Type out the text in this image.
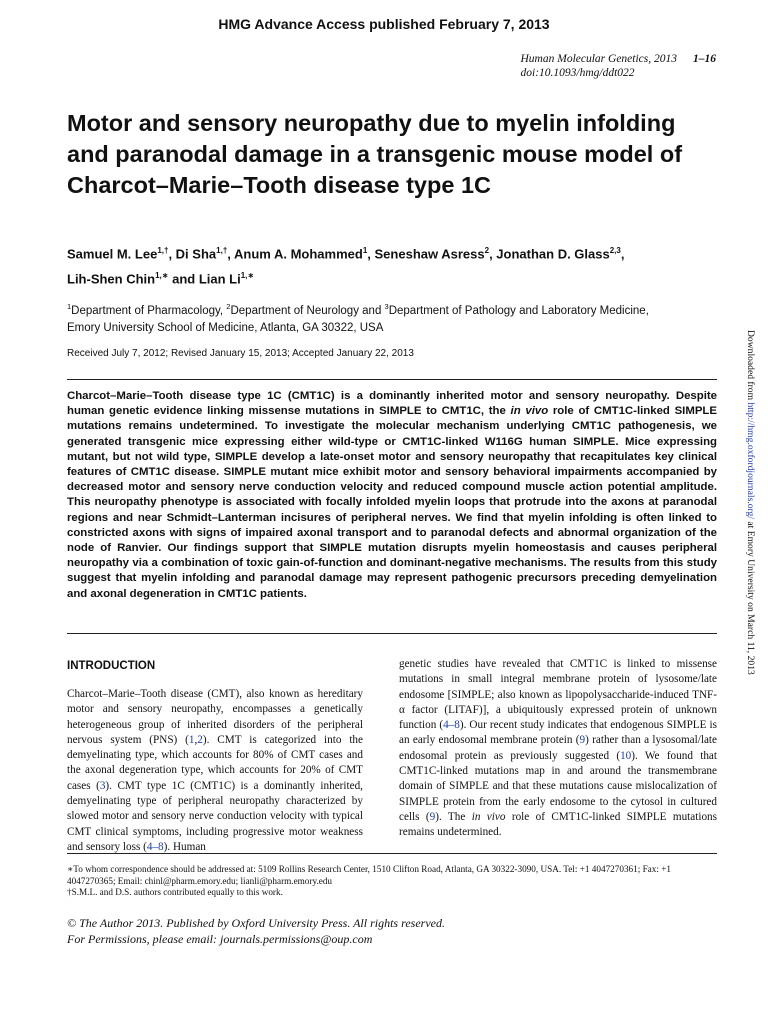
HMG Advance Access published February 7, 2013
Human Molecular Genetics, 2013 1–16
doi:10.1093/hmg/ddt022
Motor and sensory neuropathy due to myelin infolding and paranodal damage in a transgenic mouse model of Charcot–Marie–Tooth disease type 1C
Samuel M. Lee$^{1,\dagger}$, Di Sha$^{1,\dagger}$, Anum A. Mohammed$^1$, Seneshaw Asress$^2$, Jonathan D. Glass$^{2,3}$,
Lih-Shen Chin$^{1,∗}$ and Lian $Li^{1,∗}$
$^1$Department of Pharmacology, $^2$Department of Neurology and $^3$Department of Pathology and Laboratory Medicine,
Emory University School of Medicine, Atlanta, GA 30322, USA
Received July 7, 2012; Revised January 15, 2013; Accepted January 22, 2013
Charcot–Marie–Tooth disease type 1C (CMT1C) is a dominantly inherited motor and sensory neuropathy. Despite human genetic evidence linking missense mutations in SIMPLE to CMT1C, the in vivo role of CMT1C-linked SIMPLE mutations remains undetermined. To investigate the molecular mechanism underlying CMT1C pathogenesis, we generated transgenic mice expressing either wild-type or CMT1C-linked W116G human SIMPLE. Mice expressing mutant, but not wild type, SIMPLE develop a late-onset motor and sensory neuropathy that recapitulates key clinical features of CMT1C disease. SIMPLE mutant mice exhibit motor and sensory behavioral impairments accompanied by decreased motor and sensory nerve conduction velocity and reduced compound muscle action potential amplitude. This neuropathy phenotype is associated with focally infolded myelin loops that protrude into the axons at paranodal regions and near Schmidt–Lanterman incisures of peripheral nerves. We find that myelin infolding is often linked to constricted axons with signs of impaired axonal transport and to paranodal defects and abnormal organization of the node of Ranvier. Our findings support that SIMPLE mutation disrupts myelin homeostasis and causes peripheral neuropathy via a combination of toxic gain-of-function and dominant-negative mechanisms. The results from this study suggest that myelin infolding and paranodal damage may represent pathogenic precursors preceding demyelination and axonal degeneration in CMT1C patients.
INTRODUCTION
Charcot–Marie–Tooth disease (CMT), also known as hereditary motor and sensory neuropathy, encompasses a genetically heterogeneous group of inherited disorders of the peripheral nervous system (PNS) (1,2). CMT is categorized into the demyelinating type, which accounts for 80% of CMT cases and the axonal degeneration type, which accounts for 20% of CMT cases (3). CMT type 1C (CMT1C) is a dominantly inherited, demyelinating type of peripheral neuropathy characterized by slowed motor and sensory nerve conduction velocity with typical CMT clinical symptoms, including progressive motor weakness and sensory loss (4–8). Human
genetic studies have revealed that CMT1C is linked to missense mutations in small integral membrane protein of lysosome/late endosome [SIMPLE; also known as lipopolysaccharide-induced TNF-α factor (LITAF)], a ubiquitously expressed protein of unknown function (4–8). Our recent study indicates that endogenous SIMPLE is an early endosomal membrane protein (9) rather than a lysosomal/late endosomal protein as previously suggested (10). We found that CMT1C-linked mutations map in and around the transmembrane domain of SIMPLE and that these mutations cause mislocalization of SIMPLE protein from the early endosome to the cytosol in cultured cells (9). The in vivo role of CMT1C-linked SIMPLE mutations remains undetermined.
∗To whom correspondence should be addressed at: 5109 Rollins Research Center, 1510 Clifton Road, Atlanta, GA 30322-3090, USA. Tel: +1 4047270361; Fax: +1 4047270365; Email: chinl@pharm.emory.edu; lianli@pharm.emory.edu
†S.M.L. and D.S. authors contributed equally to this work.
© The Author 2013. Published by Oxford University Press. All rights reserved.
For Permissions, please email: journals.permissions@oup.com
Downloaded from http://hmg.oxfordjournals.org/ at Emory University on March 11, 2013
